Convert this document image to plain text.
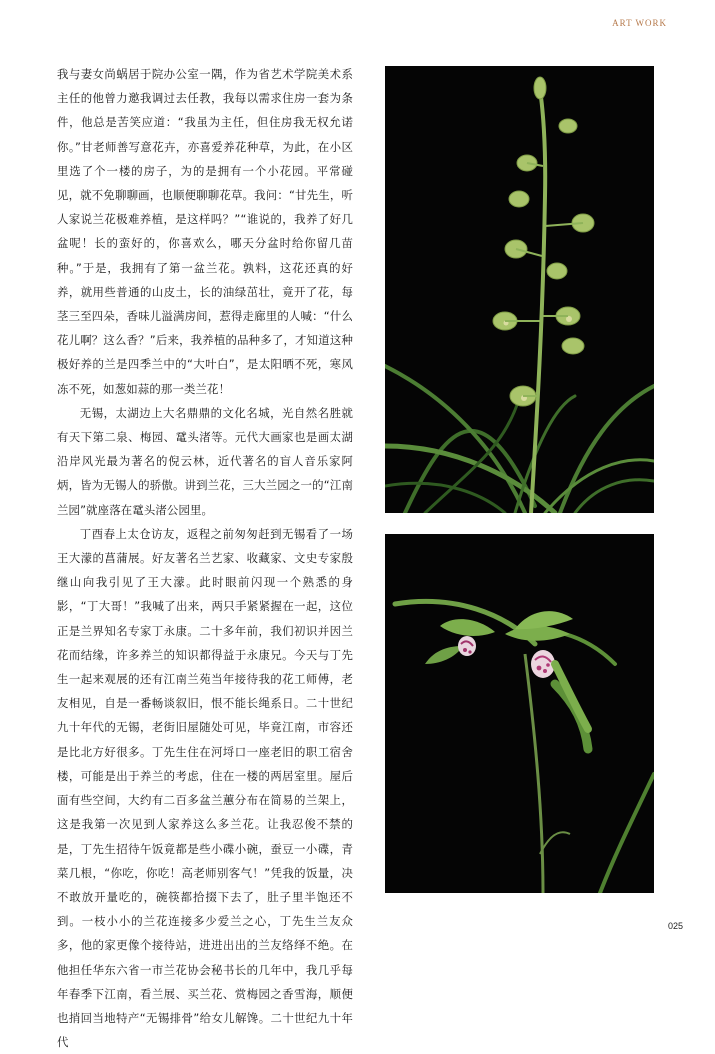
ART WORK

我与妻女尚蜗居于院办公室一隅，作为省艺术学院美术系主任的他曾力邀我调过去任教，我每以需求住房一套为条件，他总是苦笑应道：“我虽为主任，但住房我无权允诺你。”甘老师善写意花卉，亦喜爱养花种草，为此，在小区里选了个一楼的房子，为的是拥有一个小花园。平常碰见，就不免聊聊画，也顺便聊聊花草。我问：“甘先生，听人家说兰花极难养植，是这样吗？”“谁说的，我养了好几盆呢！长的蛮好的，你喜欢么，哪天分盆时给你留几苗种。”于是，我拥有了第一盆兰花。孰料，这花还真的好养，就用些普通的山皮土，长的油绿茁壮，竟开了花，每茎三至四朵，香味儿溢满房间，惹得走廊里的人喊：“什么花儿啊？这么香？”后来，我养植的品种多了，才知道这种极好养的兰是四季兰中的“大叶白”，是太阳晒不死，寒风冻不死，如葱如蒜的那一类兰花！

无锡，太湖边上大名鼎鼎的文化名城，光自然名胜就有天下第二泉、梅园、鼋头渚等。元代大画家也是画太湖沿岸风光最为著名的倪云林，近代著名的盲人音乐家阿炳，皆为无锡人的骄傲。讲到兰花，三大兰园之一的“江南兰园”就座落在鼋头渚公园里。

丁酉春上太仓访友，返程之前匆匆赶到无锡看了一场王大濛的菖蒲展。好友著名兰艺家、收藏家、文史专家殷继山向我引见了王大濛。此时眼前闪现一个熟悉的身影，“丁大哥！”我喊了出来，两只手紧紧握在一起，这位正是兰界知名专家丁永康。二十多年前，我们初识并因兰花而结缘，许多养兰的知识都得益于永康兄。今天与丁先生一起来观展的还有江南兰苑当年接待我的花工师傅，老友相见，自是一番畅谈叙旧，恨不能长绳系日。二十世纪九十年代的无锡，老街旧屋随处可见，毕竟江南，市容还是比北方好很多。丁先生住在河埒口一座老旧的职工宿舍楼，可能是出于养兰的考虑，住在一楼的两居室里。屋后面有些空间，大约有二百多盆兰蕙分布在简易的兰架上，这是我第一次见到人家养这么多兰花。让我忍俊不禁的是，丁先生招待午饭竟都是些小碟小碗，蚕豆一小碟，青菜几根，“你吃，你吃！高老师别客气！”凭我的饭量，决不敢放开量吃的，碗筷都拾掇下去了，肚子里半饱还不到。一枝小小的兰花连接多少爱兰之心，丁先生兰友众多，他的家更像个接待站，进进出出的兰友络绎不绝。在他担任华东六省一市兰花协会秘书长的几年中，我几乎每年春季下江南，看兰展、买兰花、赏梅园之香雪海，顺便也捎回当地特产“无锡排骨”给女儿解馋。二十世纪九十年代

025
